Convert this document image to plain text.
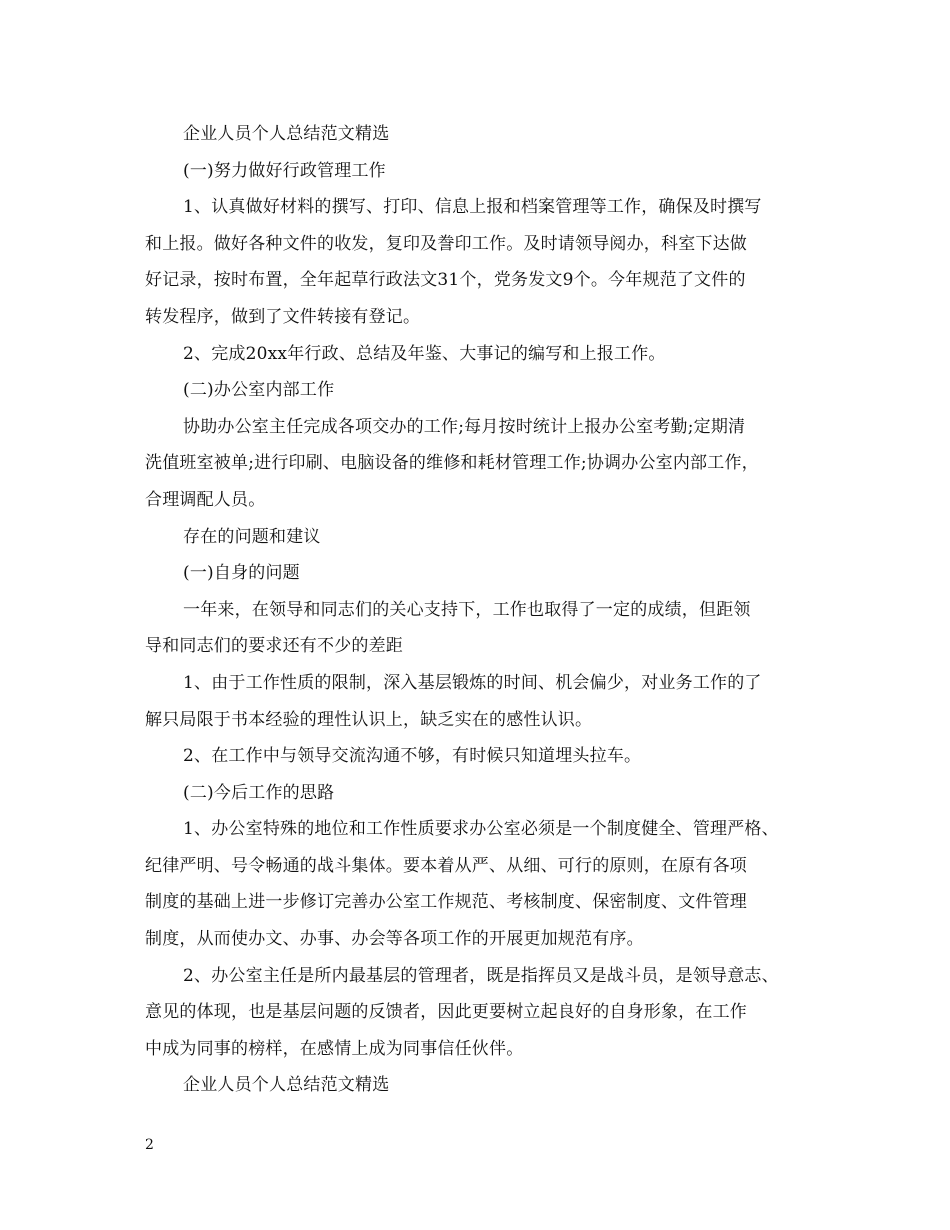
企业人员个人总结范文精选
(一)努力做好行政管理工作
1、认真做好材料的撰写、打印、信息上报和档案管理等工作，确保及时撰写
和上报。做好各种文件的收发，复印及誊印工作。及时请领导阅办，科室下达做
好记录，按时布置，全年起草行政法文31个，党务发文9个。今年规范了文件的
转发程序，做到了文件转接有登记。
2、完成20xx年行政、总结及年鉴、大事记的编写和上报工作。
(二)办公室内部工作
协助办公室主任完成各项交办的工作;每月按时统计上报办公室考勤;定期清
洗值班室被单;进行印刷、电脑设备的维修和耗材管理工作;协调办公室内部工作，
合理调配人员。
存在的问题和建议
(一)自身的问题
一年来，在领导和同志们的关心支持下，工作也取得了一定的成绩，但距领
导和同志们的要求还有不少的差距
1、由于工作性质的限制，深入基层锻炼的时间、机会偏少，对业务工作的了
解只局限于书本经验的理性认识上，缺乏实在的感性认识。
2、在工作中与领导交流沟通不够，有时候只知道埋头拉车。
(二)今后工作的思路
1、办公室特殊的地位和工作性质要求办公室必须是一个制度健全、管理严格、
纪律严明、号令畅通的战斗集体。要本着从严、从细、可行的原则，在原有各项
制度的基础上进一步修订完善办公室工作规范、考核制度、保密制度、文件管理
制度，从而使办文、办事、办会等各项工作的开展更加规范有序。
2、办公室主任是所内最基层的管理者，既是指挥员又是战斗员，是领导意志、
意见的体现，也是基层问题的反馈者，因此更要树立起良好的自身形象，在工作
中成为同事的榜样，在感情上成为同事信任伙伴。
企业人员个人总结范文精选
2
